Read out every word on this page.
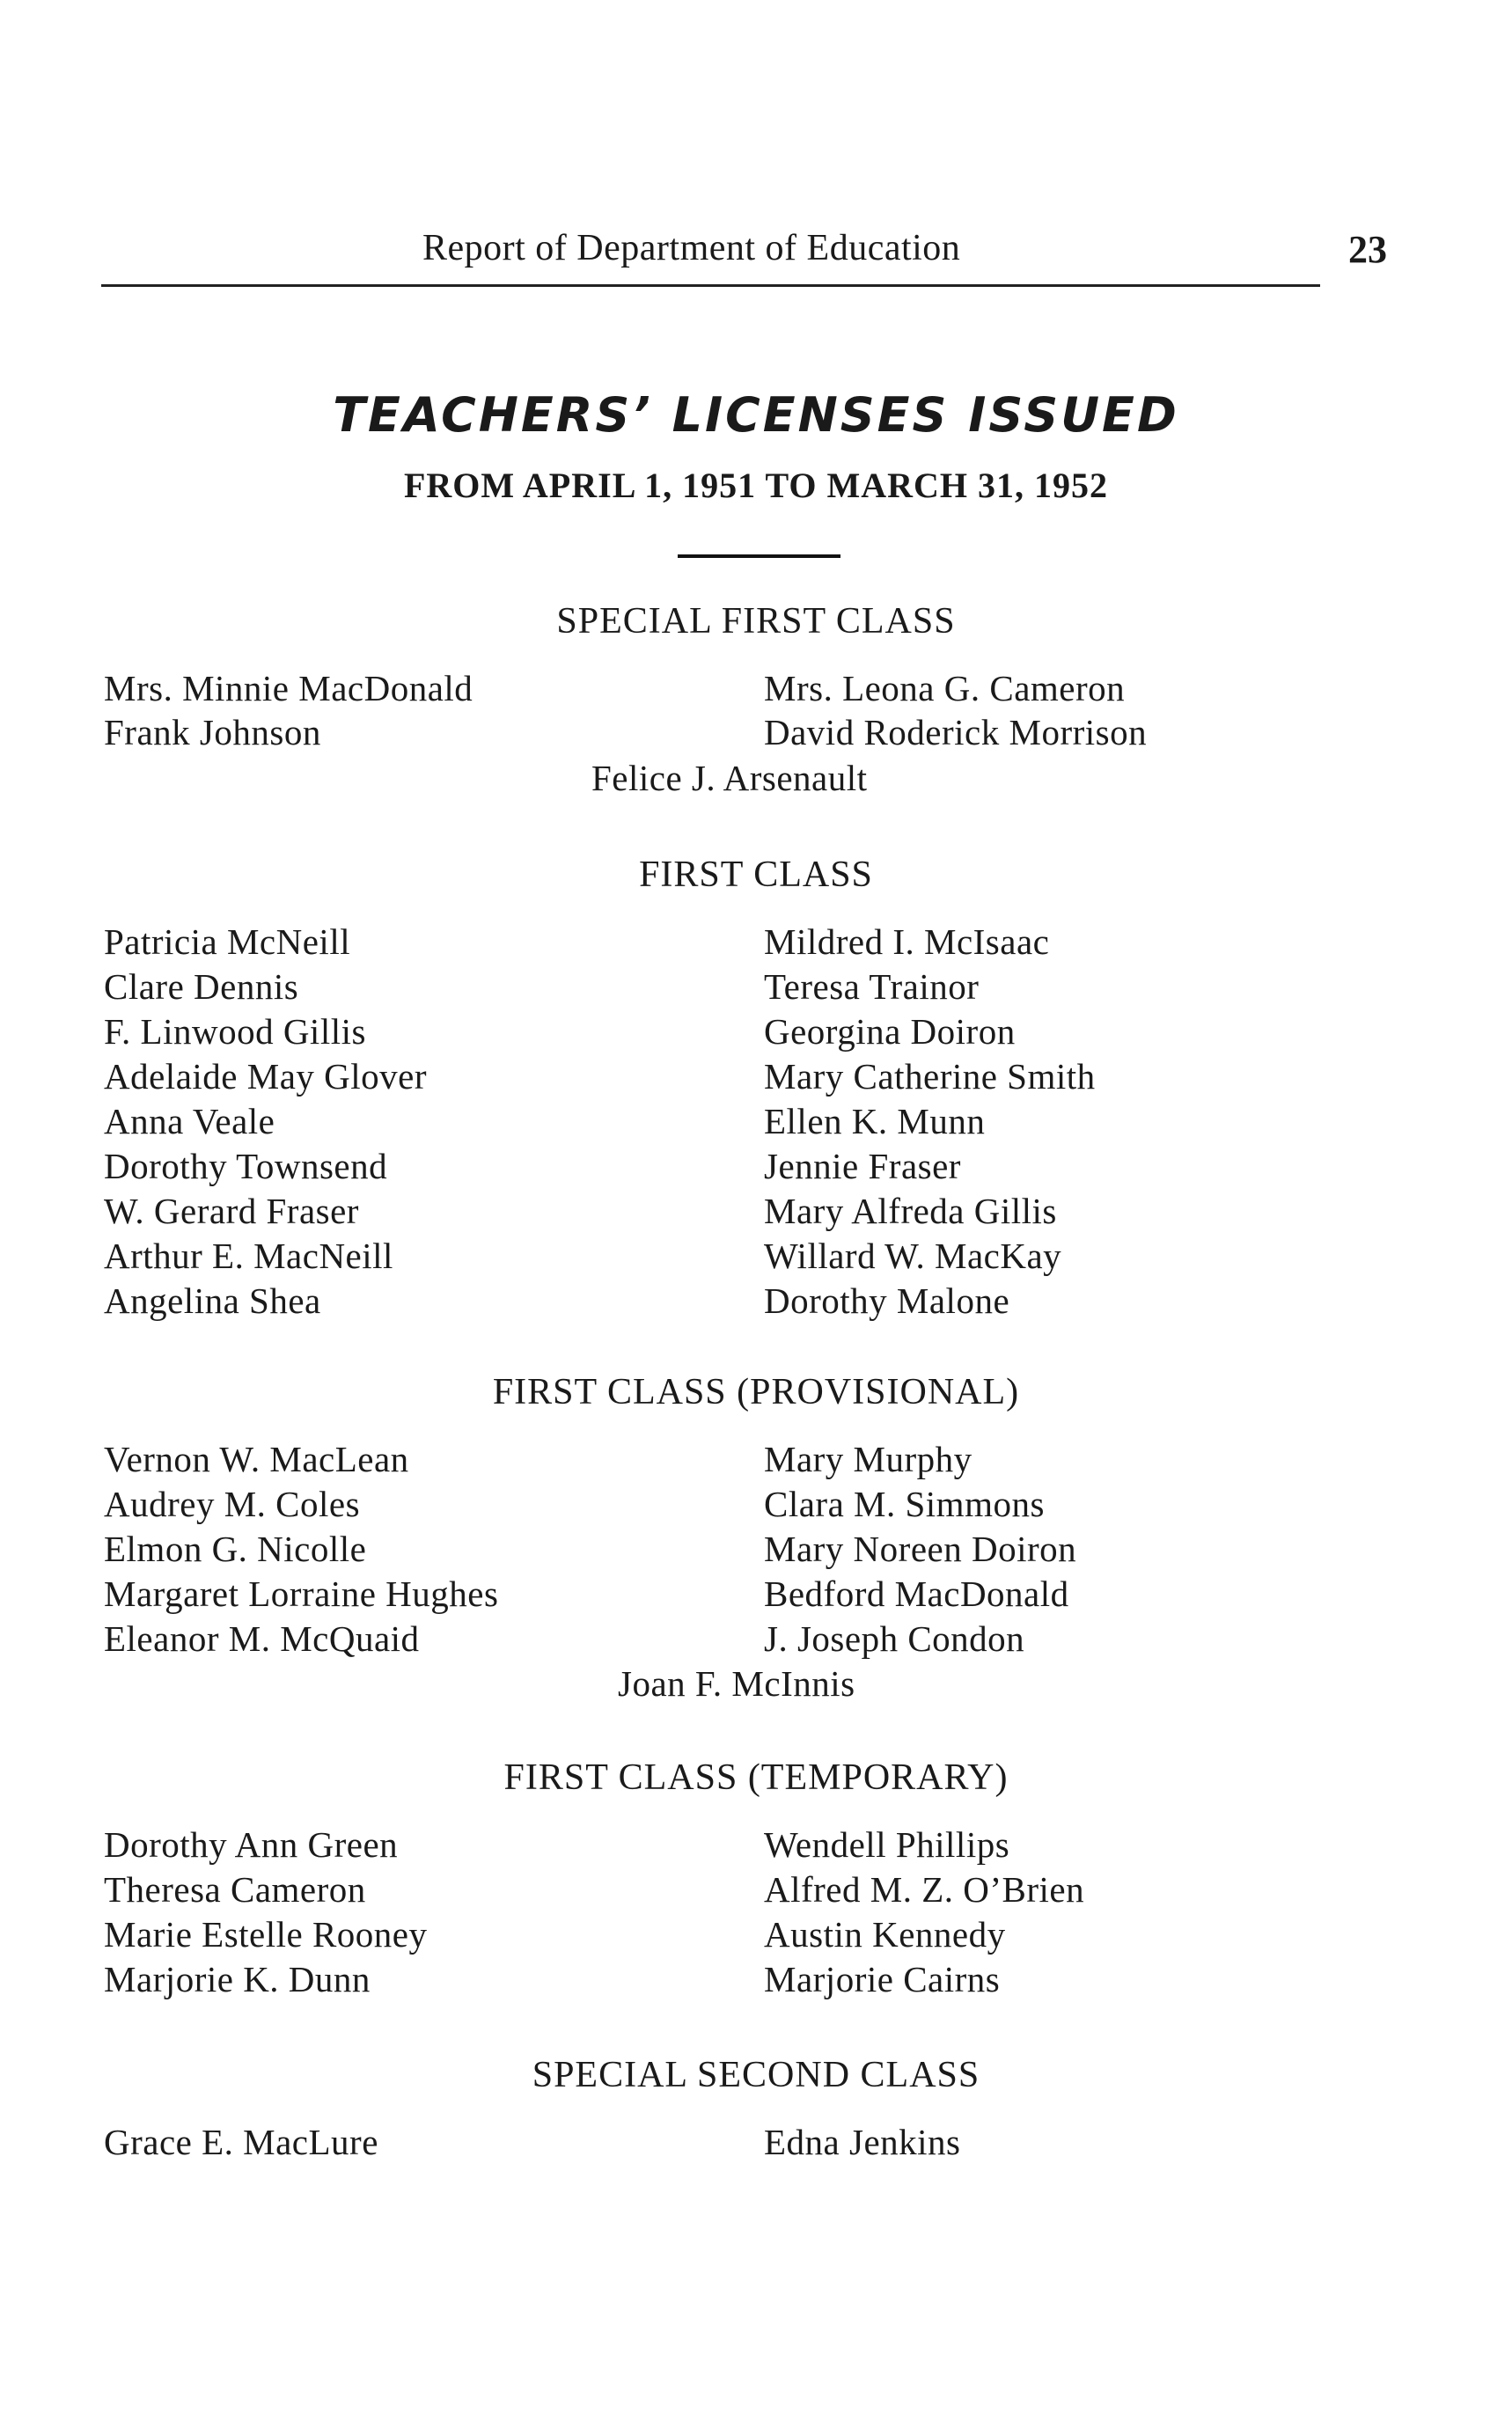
Report of Department of Education	23
TEACHERS’ LICENSES ISSUED
FROM APRIL 1, 1951 TO MARCH 31, 1952
SPECIAL FIRST CLASS
Mrs. Minnie MacDonald
Frank Johnson
Mrs. Leona G. Cameron
David Roderick Morrison
Felice J. Arsenault
FIRST CLASS
Patricia McNeill
Clare Dennis
F. Linwood Gillis
Adelaide May Glover
Anna Veale
Dorothy Townsend
W. Gerard Fraser
Arthur E. MacNeill
Angelina Shea
Mildred I. McIsaac
Teresa Trainor
Georgina Doiron
Mary Catherine Smith
Ellen K. Munn
Jennie Fraser
Mary Alfreda Gillis
Willard W. MacKay
Dorothy Malone
FIRST CLASS (PROVISIONAL)
Vernon W. MacLean
Audrey M. Coles
Elmon G. Nicolle
Margaret Lorraine Hughes
Eleanor M. McQuaid
Mary Murphy
Clara M. Simmons
Mary Noreen Doiron
Bedford MacDonald
J. Joseph Condon
Joan F. McInnis
FIRST CLASS (TEMPORARY)
Dorothy Ann Green
Theresa Cameron
Marie Estelle Rooney
Marjorie K. Dunn
Wendell Phillips
Alfred M. Z. O’Brien
Austin Kennedy
Marjorie Cairns
SPECIAL SECOND CLASS
Grace E. MacLure	Edna Jenkins
